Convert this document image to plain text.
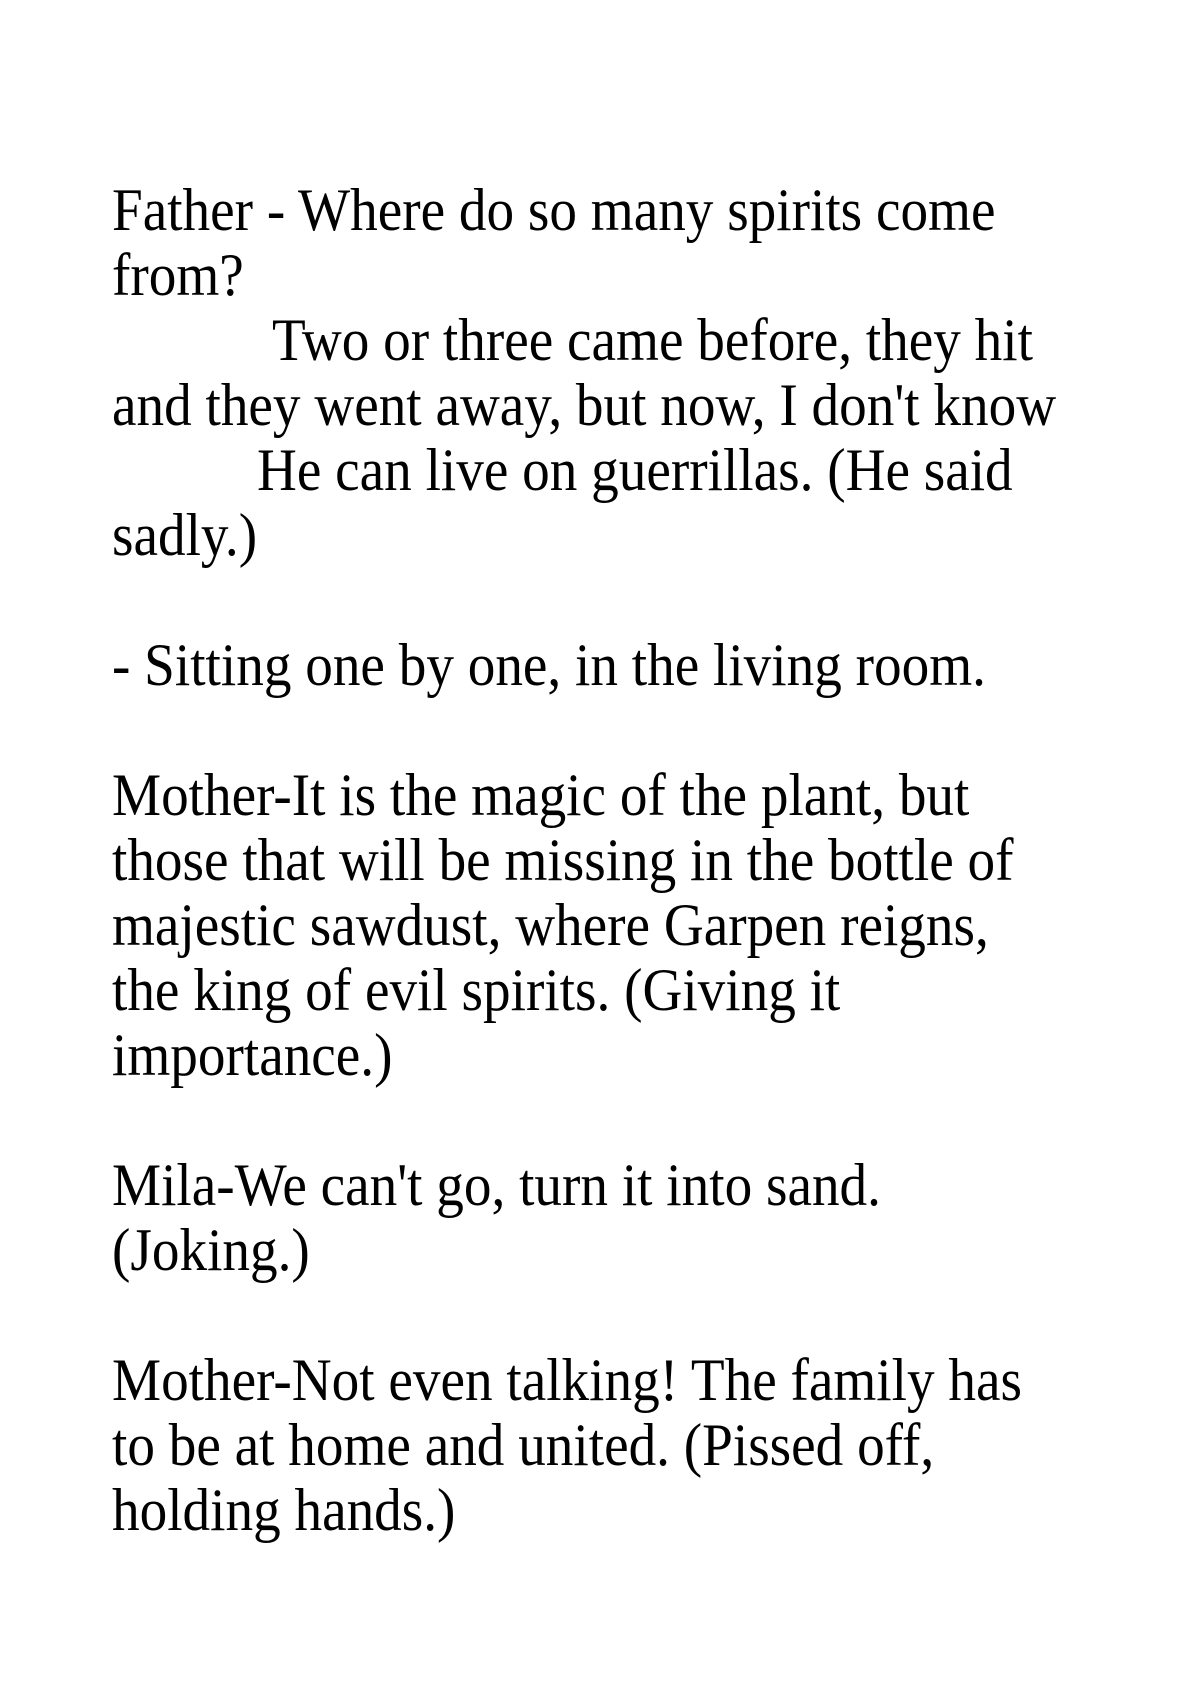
Father - Where do so many spirits come
from?
Two or three came before, they hit
and they went away, but now, I don't know
He can live on guerrillas. (He said
sadly.)
- Sitting one by one, in the living room.
Mother-It is the magic of the plant, but
those that will be missing in the bottle of
majestic sawdust, where Garpen reigns,
the king of evil spirits. (Giving it
importance.)
Mila-We can't go, turn it into sand.
(Joking.)
Mother-Not even talking! The family has
to be at home and united. (Pissed off,
holding hands.)
